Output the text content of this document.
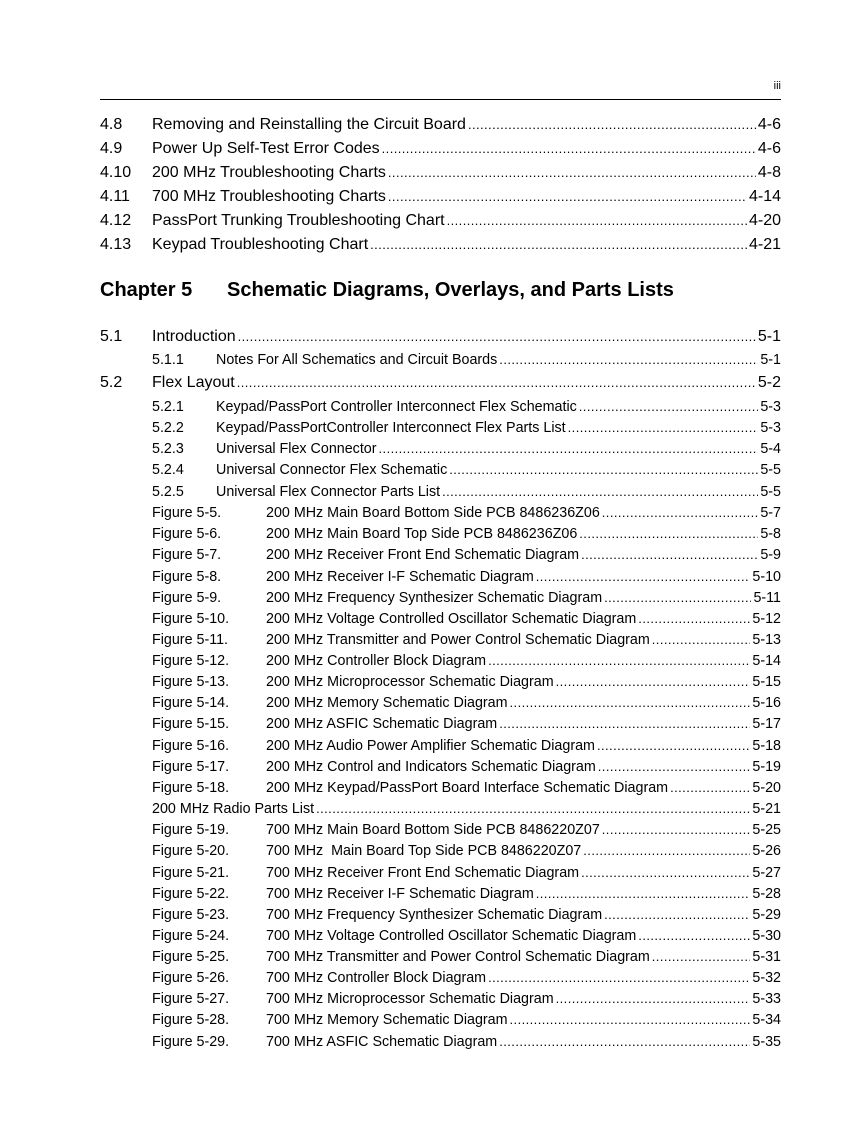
iii
4.8	Removing and Reinstalling the Circuit Board . . .	4-6
4.9	Power Up Self-Test Error Codes . . .	4-6
4.10	200 MHz Troubleshooting Charts . . .	4-8
4.11	700 MHz Troubleshooting Charts . . .	4-14
4.12	PassPort Trunking Troubleshooting Chart . . .	4-20
4.13	Keypad Troubleshooting Chart . . .	4-21
Chapter 5 Schematic Diagrams, Overlays, and Parts Lists
5.1	Introduction . . .	5-1
5.1.1	Notes For All Schematics and Circuit Boards . . .	5-1
5.2	Flex Layout . . .	5-2
5.2.1	Keypad/PassPort Controller Interconnect Flex Schematic . . .	5-3
5.2.2	Keypad/PassPortController Interconnect Flex Parts List . . .	5-3
5.2.3	Universal Flex Connector . . .	5-4
5.2.4	Universal Connector Flex Schematic . . .	5-5
5.2.5	Universal Flex Connector Parts List . . .	5-5
Figure 5-5.	200 MHz Main Board Bottom Side PCB 8486236Z06 . . .	5-7
Figure 5-6.	200 MHz Main Board Top Side PCB 8486236Z06 . . .	5-8
Figure 5-7.	200 MHz Receiver Front End Schematic Diagram . . .	5-9
Figure 5-8.	200 MHz Receiver I-F Schematic Diagram . . .	5-10
Figure 5-9.	200 MHz Frequency Synthesizer Schematic Diagram . . .	5-11
Figure 5-10.	200 MHz Voltage Controlled Oscillator Schematic Diagram . . .	5-12
Figure 5-11.	200 MHz Transmitter and Power Control Schematic Diagram . . .	5-13
Figure 5-12.	200 MHz Controller Block Diagram . . .	5-14
Figure 5-13.	200 MHz Microprocessor Schematic Diagram . . .	5-15
Figure 5-14.	200 MHz Memory Schematic Diagram . . .	5-16
Figure 5-15.	200 MHz ASFIC Schematic Diagram . . .	5-17
Figure 5-16.	200 MHz Audio Power Amplifier Schematic Diagram . . .	5-18
Figure 5-17.	200 MHz Control and Indicators Schematic Diagram . . .	5-19
Figure 5-18.	200 MHz Keypad/PassPort Board Interface Schematic Diagram . . .	5-20
200 MHz Radio Parts List . . .	5-21
Figure 5-19.	700 MHz Main Board Bottom Side PCB 8486220Z07 . . .	5-25
Figure 5-20.	700 MHz  Main Board Top Side PCB 8486220Z07 . . .	5-26
Figure 5-21.	700 MHz Receiver Front End Schematic Diagram . . .	5-27
Figure 5-22.	700 MHz Receiver I-F Schematic Diagram . . .	5-28
Figure 5-23.	700 MHz Frequency Synthesizer Schematic Diagram . . .	5-29
Figure 5-24.	700 MHz Voltage Controlled Oscillator Schematic Diagram . . .	5-30
Figure 5-25.	700 MHz Transmitter and Power Control Schematic Diagram . . .	5-31
Figure 5-26.	700 MHz Controller Block Diagram . . .	5-32
Figure 5-27.	700 MHz Microprocessor Schematic Diagram . . .	5-33
Figure 5-28.	700 MHz Memory Schematic Diagram . . .	5-34
Figure 5-29.	700 MHz ASFIC Schematic Diagram . . .	5-35
